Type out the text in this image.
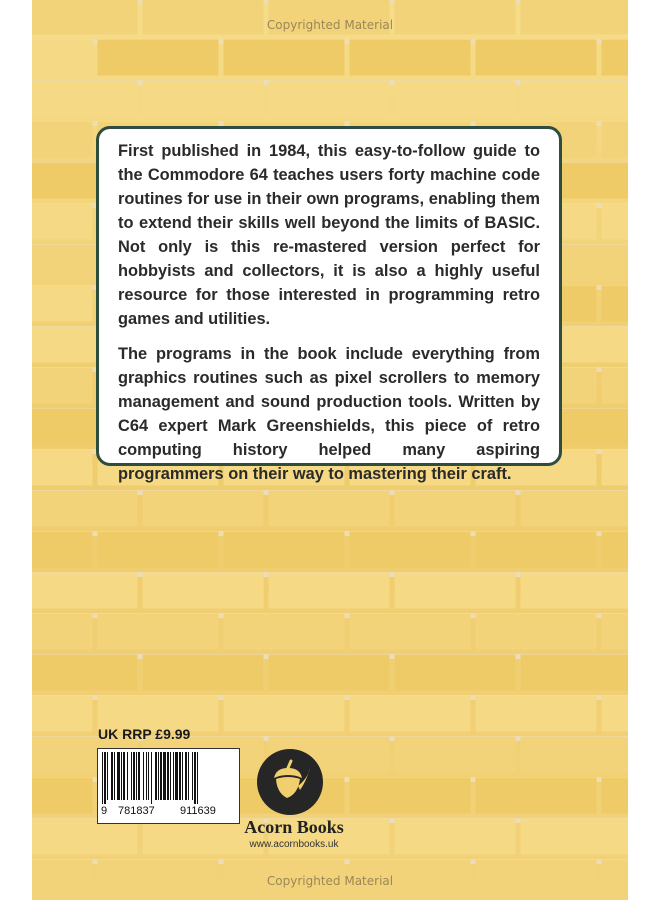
Copyrighted Material
Copyrighted Material

First published in 1984, this easy-to-follow guide to the Commodore 64 teaches users forty machine code routines for use in their own programs, enabling them to extend their skills well beyond the limits of BASIC. Not only is this re-mastered version perfect for hobbyists and collectors, it is also a highly useful resource for those interested in programming retro games and utilities.

The programs in the book include everything from graphics routines such as pixel scrollers to memory management and sound production tools. Written by C64 expert Mark Greenshields, this piece of retro computing history helped many aspiring programmers on their way to mastering their craft.

UK RRP £9.99
9 781837 911639
Acorn Books
www.acornbooks.uk
